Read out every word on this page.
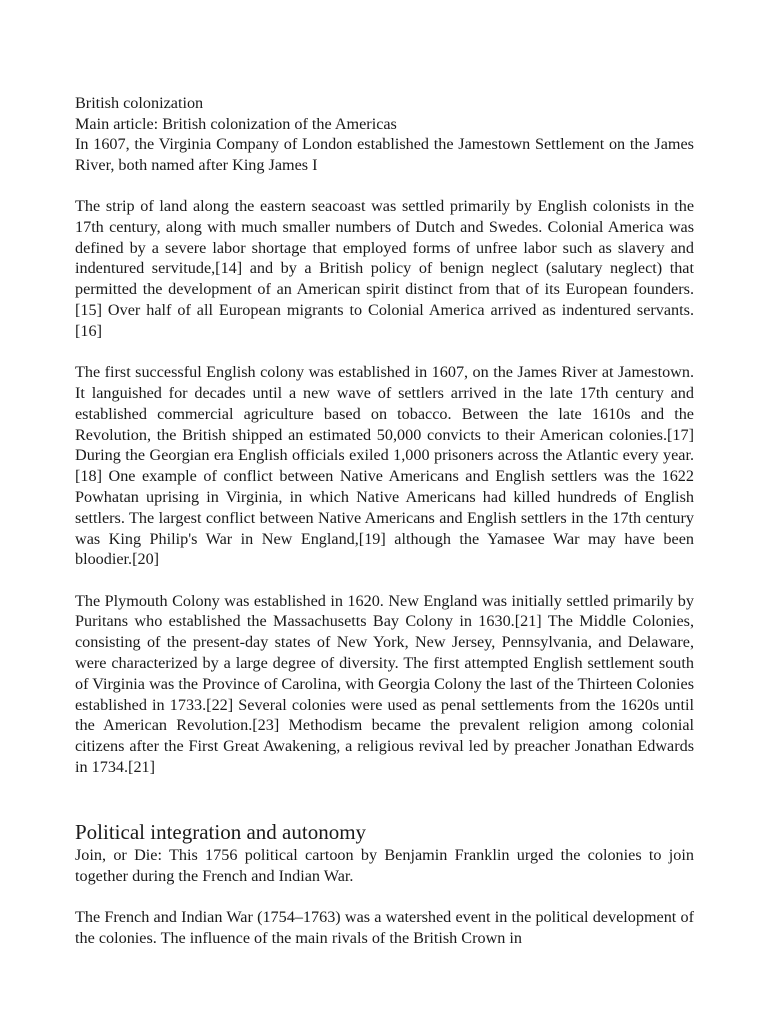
British colonization

Main article: British colonization of the Americas

In 1607, the Virginia Company of London established the Jamestown Settlement on the James River, both named after King James I

The strip of land along the eastern seacoast was settled primarily by English colonists in the 17th century, along with much smaller numbers of Dutch and Swedes. Colonial America was defined by a severe labor shortage that employed forms of unfree labor such as slavery and indentured servitude,[14] and by a British policy of benign neglect (salutary neglect) that permitted the development of an American spirit distinct from that of its European founders.[15] Over half of all European migrants to Colonial America arrived as indentured servants.[16]

The first successful English colony was established in 1607, on the James River at Jamestown. It languished for decades until a new wave of settlers arrived in the late 17th century and established commercial agriculture based on tobacco. Between the late 1610s and the Revolution, the British shipped an estimated 50,000 convicts to their American colonies.[17] During the Georgian era English officials exiled 1,000 prisoners across the Atlantic every year.[18] One example of conflict between Native Americans and English settlers was the 1622 Powhatan uprising in Virginia, in which Native Americans had killed hundreds of English settlers. The largest conflict between Native Americans and English settlers in the 17th century was King Philip's War in New England,[19] although the Yamasee War may have been bloodier.[20]

The Plymouth Colony was established in 1620. New England was initially settled primarily by Puritans who established the Massachusetts Bay Colony in 1630.[21] The Middle Colonies, consisting of the present-day states of New York, New Jersey, Pennsylvania, and Delaware, were characterized by a large degree of diversity. The first attempted English settlement south of Virginia was the Province of Carolina, with Georgia Colony the last of the Thirteen Colonies established in 1733.[22] Several colonies were used as penal settlements from the 1620s until the American Revolution.[23] Methodism became the prevalent religion among colonial citizens after the First Great Awakening, a religious revival led by preacher Jonathan Edwards in 1734.[21]

Political integration and autonomy

Join, or Die: This 1756 political cartoon by Benjamin Franklin urged the colonies to join together during the French and Indian War.

The French and Indian War (1754–1763) was a watershed event in the political development of the colonies. The influence of the main rivals of the British Crown in
